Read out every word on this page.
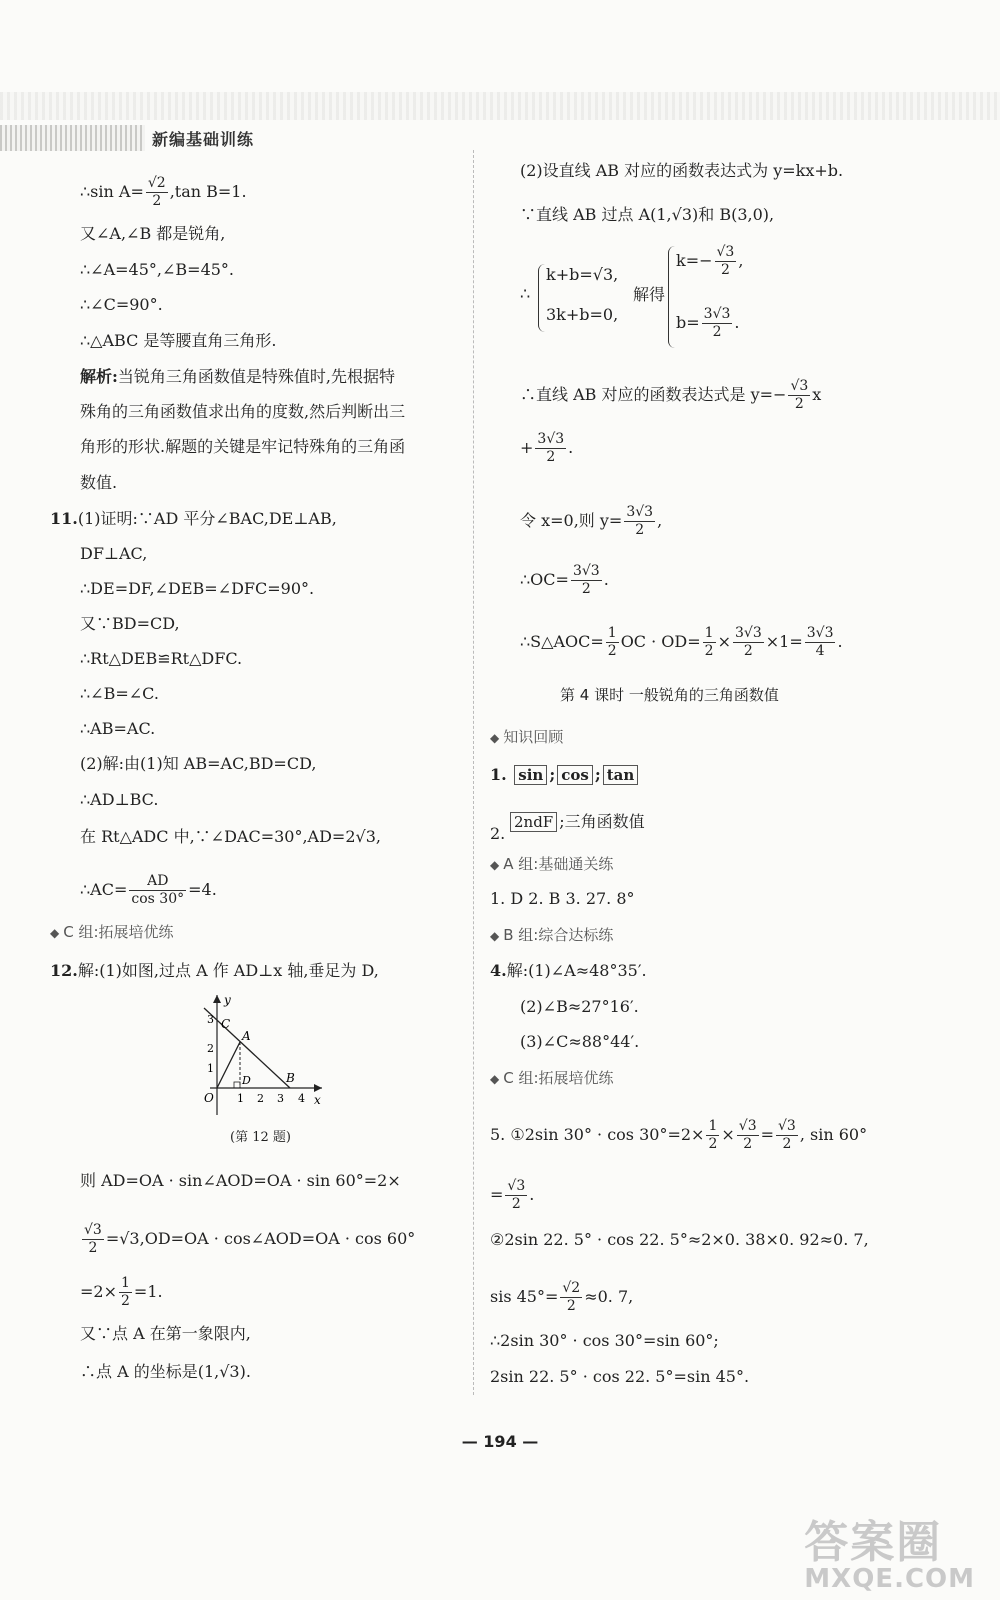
新编基础训练
∴sin $A= \frac{√2}{2} ,\tan$ B=1.
又∠A,∠B 都是锐角,
∴∠A=45°,∠B=45°.
∴∠C=90°.
∴△ABC 是等腰直角三角形.
解析:当锐角三角函数值是特殊值时,先根据特
殊角的三角函数值求出角的度数,然后判断出三
角形的形状.解题的关键是牢记特殊角的三角函
数值.
11.(1)证明:∵AD 平分∠BAC,DE⊥AB,
DF⊥AC,
∴DE=DF,∠DEB=∠DFC=90°.
又∵BD=CD,
∴Rt△DEB≌Rt△DFC.
∴∠B=∠C.
∴AB=AC.
(2)解:由(1)知 AB=AC,BD=CD,
∴AD⊥BC.
在 Rt△ADC 中,∵∠DAC=30°,AD=2√3,
∴AC= $\frac{AD}{\cos 30^\circ} =4$.
12.解:(1)如图,过点 A 作 AD⊥x 轴,垂足为 D,
则 AD=OA · sin∠AOD=OA · sin 60°=2×
$\frac{√3}{2} =√3,OD=OA$ · cos∠AOD=OA · cos 60°
$=2\times \frac{1}{2} =1$.
又∵点 A 在第一象限内,
∴点 A 的坐标是(1,√3).
◆ C 组:拓展培优练
y
x
O
A
B
C
D
1 2 3 4
1
2
3
(第 12 题)
(2)设直线 AB 对应的函数表达式为 y=kx+b.
∵直线 AB 过点 A(1,√3)和 B(3,0),
∴直线 AB 对应的函数表达式是 $y=- \frac{√3}{2}$ x
+ $\frac{3√3}{2}$ .
令 x=0,则 $y= \frac{3√3}{2}$ ,
∴OC= $\frac{3√3}{2}$ .
∴S△AOC= $\frac{1}{2}$ OC · $OD= \frac{1}{2} \times \frac{3√3}{2} \times 1= \frac{3√3}{4}$ .
2.
1. D 2. B 3. 27. 8°
4.解:(1)∠A≈48°35′.
(2)∠B≈27°16′.
(3)∠C≈88°44′.
5. ①2sin $30^\circ \cdot \cos 30^\circ=2\times \frac{1}{2} \times \frac{√3}{2} = \frac{√3}{2}$ , sin 60°
= $\frac{√3}{2}$ .
②2sin 22. 5° · cos 22. 5°≈2×0. 38×0. 92≈0. 7,
sis $45^\circ= \frac{√2}{2} \approx 0$. 7,
∴2sin 30° · cos 30°=sin 60°;
2sin 22. 5° · cos 22. 5°=sin 45°.
∴
k+b=√3,
3k+b=0,
解得
$k=- \frac{√3}{2}$ ,
$b= \frac{3√3}{2}$ .
第 4 课时 一般锐角的三角函数值
◆ 知识回顾
◆ A 组:基础通关练
◆ B 组:综合达标练
◆ C 组:拓展培优练
1. sin ; cos ; tan
2ndF ;三角函数值
— 194 —
答案圈
MXQE.COM
